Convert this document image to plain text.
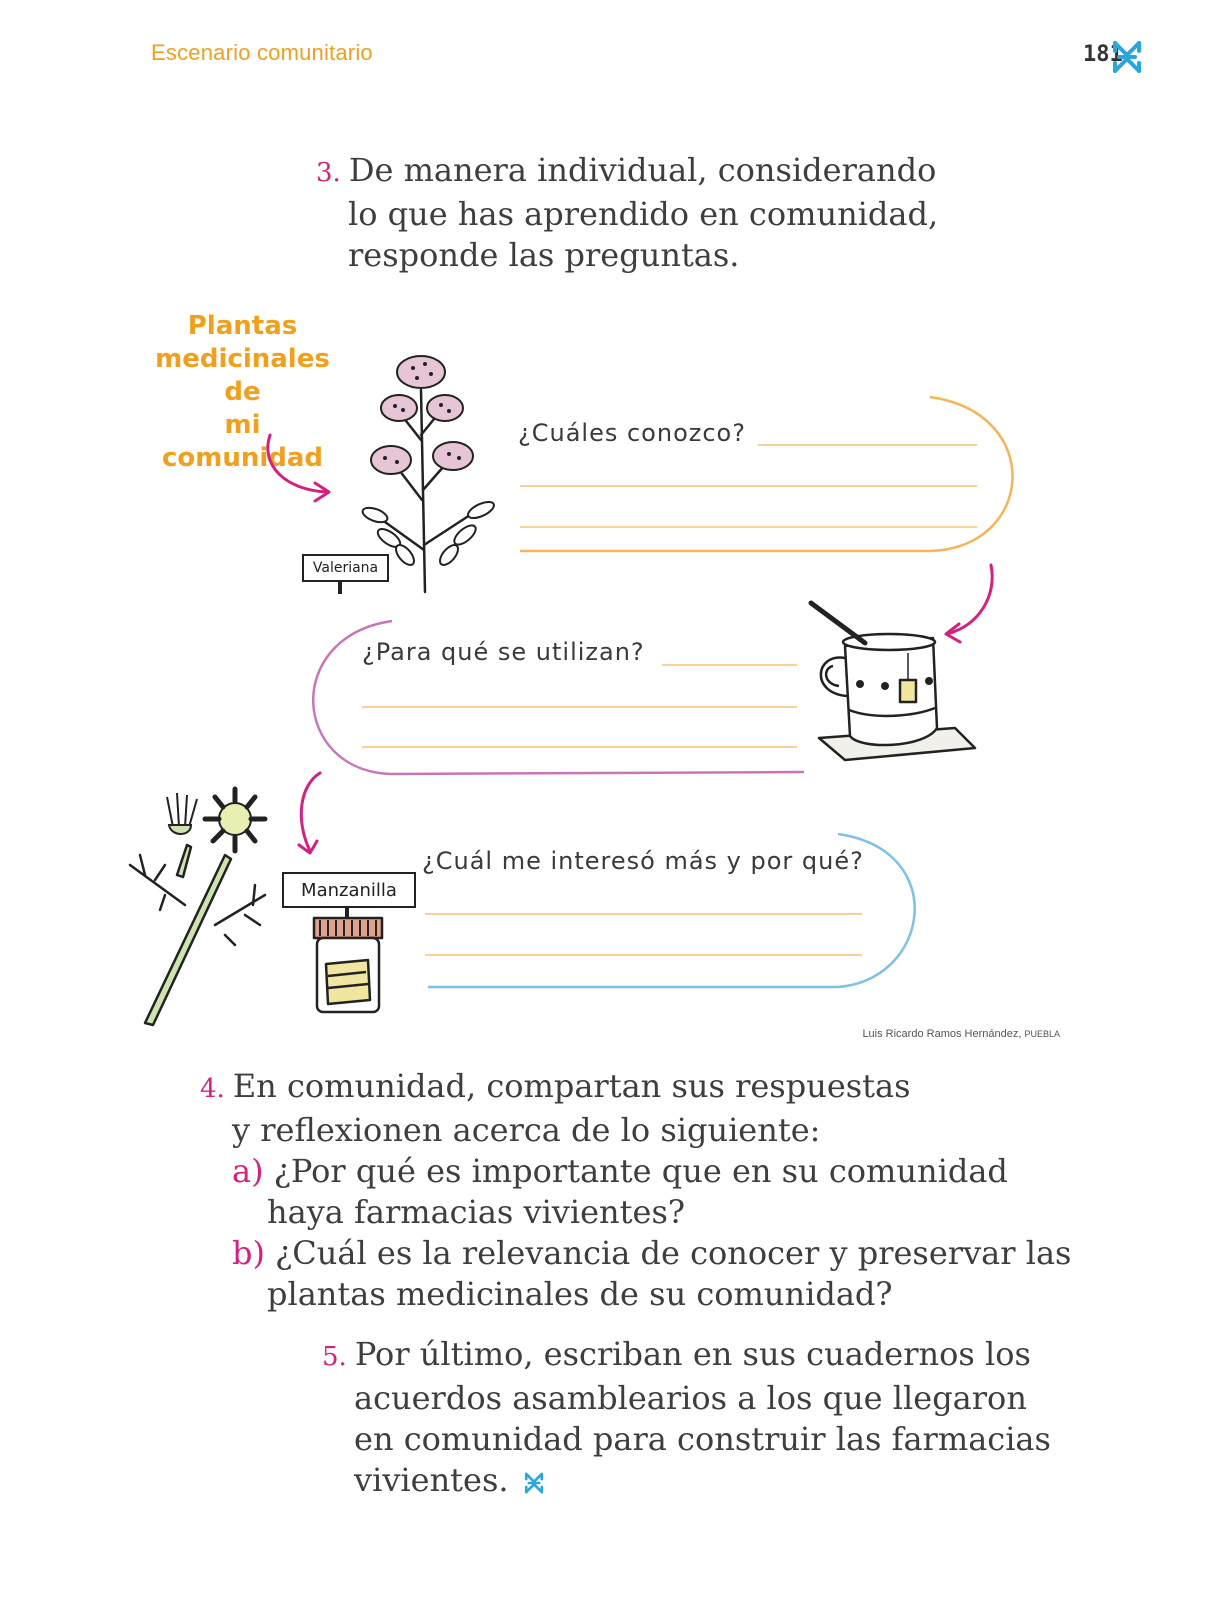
Escenario comunitario	181
3. De manera individual, considerando
lo que has aprendido en comunidad,
responde las preguntas.
Plantas
medicinales de
mi comunidad
Valeriana
¿Cuáles conozco?
¿Para qué se utilizan?
Manzanilla
¿Cuál me interesó más y por qué?
Luis Ricardo Ramos Hernández, PUEBLA
4. En comunidad, compartan sus respuestas
y reflexionen acerca de lo siguiente:
a) ¿Por qué es importante que en su comunidad
haya farmacias vivientes?
b) ¿Cuál es la relevancia de conocer y preservar las
plantas medicinales de su comunidad?
5. Por último, escriban en sus cuadernos los
acuerdos asamblearios a los que llegaron
en comunidad para construir las farmacias
vivientes.
